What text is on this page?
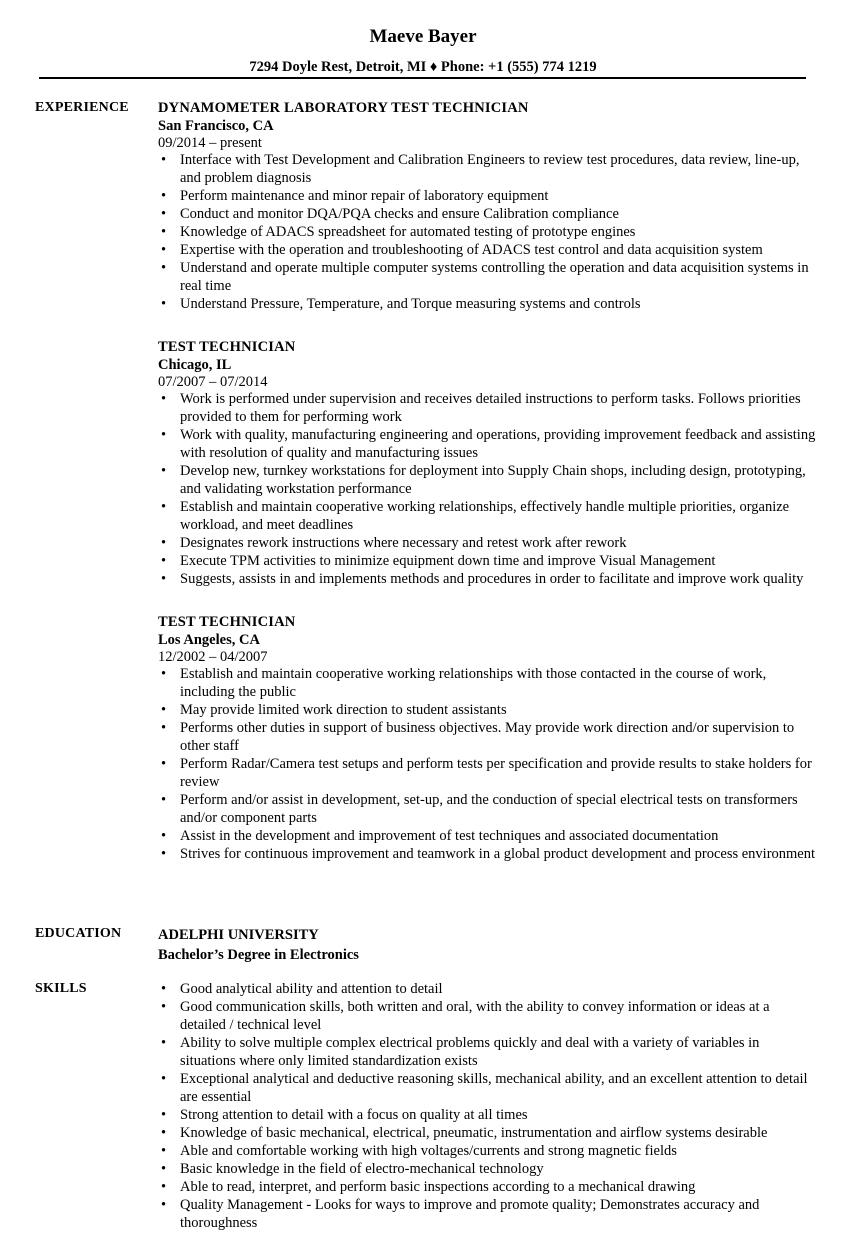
Maeve Bayer
7294 Doyle Rest, Detroit, MI ♦ Phone: +1 (555) 774 1219
EXPERIENCE DYNAMOMETER LABORATORY TEST TECHNICIAN
San Francisco, CA
09/2014 – present
• Interface with Test Development and Calibration Engineers to review test procedures, data review, line-up, and problem diagnosis
• Perform maintenance and minor repair of laboratory equipment
• Conduct and monitor DQA/PQA checks and ensure Calibration compliance
• Knowledge of ADACS spreadsheet for automated testing of prototype engines
• Expertise with the operation and troubleshooting of ADACS test control and data acquisition system
• Understand and operate multiple computer systems controlling the operation and data acquisition systems in real time
• Understand Pressure, Temperature, and Torque measuring systems and controls
TEST TECHNICIAN
Chicago, IL
07/2007 – 07/2014
• Work is performed under supervision and receives detailed instructions to perform tasks. Follows priorities provided to them for performing work
• Work with quality, manufacturing engineering and operations, providing improvement feedback and assisting with resolution of quality and manufacturing issues
• Develop new, turnkey workstations for deployment into Supply Chain shops, including design, prototyping, and validating workstation performance
• Establish and maintain cooperative working relationships, effectively handle multiple priorities, organize workload, and meet deadlines
• Designates rework instructions where necessary and retest work after rework
• Execute TPM activities to minimize equipment down time and improve Visual Management
• Suggests, assists in and implements methods and procedures in order to facilitate and improve work quality
TEST TECHNICIAN
Los Angeles, CA
12/2002 – 04/2007
• Establish and maintain cooperative working relationships with those contacted in the course of work, including the public
• May provide limited work direction to student assistants
• Performs other duties in support of business objectives. May provide work direction and/or supervision to other staff
• Perform Radar/Camera test setups and perform tests per specification and provide results to stake holders for review
• Perform and/or assist in development, set-up, and the conduction of special electrical tests on transformers and/or component parts
• Assist in the development and improvement of test techniques and associated documentation
• Strives for continuous improvement and teamwork in a global product development and process environment
EDUCATION	ADELPHI UNIVERSITY
Bachelor’s Degree in Electronics
SKILLS	• Good analytical ability and attention to detail
• Good communication skills, both written and oral, with the ability to convey information or ideas at a detailed / technical level
• Ability to solve multiple complex electrical problems quickly and deal with a variety of variables in situations where only limited standardization exists
• Exceptional analytical and deductive reasoning skills, mechanical ability, and an excellent attention to detail are essential
• Strong attention to detail with a focus on quality at all times
• Knowledge of basic mechanical, electrical, pneumatic, instrumentation and airflow systems desirable
• Able and comfortable working with high voltages/currents and strong magnetic fields
• Basic knowledge in the field of electro-mechanical technology
• Able to read, interpret, and perform basic inspections according to a mechanical drawing
• Quality Management - Looks for ways to improve and promote quality; Demonstrates accuracy and thoroughness
